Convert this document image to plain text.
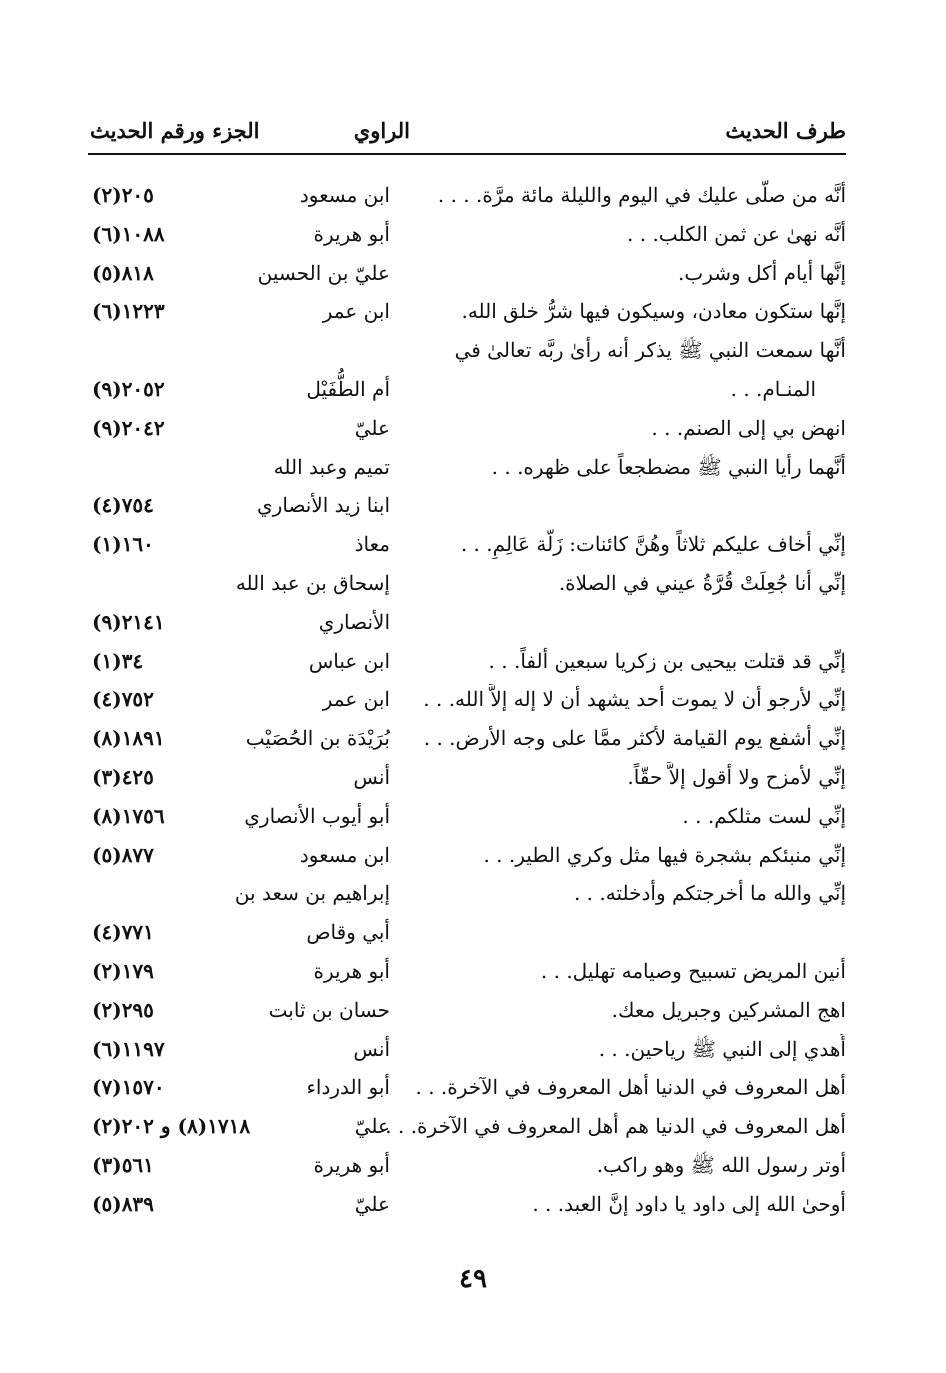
طرف الحديث
الراوي
الجزء ورقم الحديث
أنَّه من صلَّى عليك في اليوم والليلة مائة مرَّة. . . .
ابن مسعود
٢٠٥(٢)
أنَّه نهىٰ عن ثمن الكلب. . .
أبو هريرة
١٠٨٨(٦)
إنَّها أيام أكل وشرب.
عليّ بن الحسين
٨١٨(٥)
إنَّها ستكون معادن، وسيكون فيها شرُّ خلق الله.
ابن عمر
١٢٢٣(٦)
أنَّها سمعت النبي ﷺ يذكر أنه رأىٰ ربَّه تعالىٰ في
المنـام. . .
أم الطُّفَيْل
٢٠٥٢(٩)
انهض بي إلى الصنم. . .
عليّ
٢٠٤٢(٩)
أنَّهما رأيا النبي ﷺ مضطجعاً على ظهره. . .
تميم وعبد الله
ابنا زيد الأنصاري
٧٥٤(٤)
إنِّي أخاف عليكم ثلاثاً وهُنَّ كائنات: زَلَّة عَالِمٍ. . .
معاذ
١٦٠(١)
إنِّي أنا جُعِلَتْ قُرَّةُ عيني في الصلاة.
إسحاق بن عبد الله
الأنصاري
٢١٤١(٩)
إنِّي قد قتلت بيحيى بن زكريا سبعين ألفاً. . .
ابن عباس
٣٤(١)
إنِّي لأرجو أن لا يموت أحد يشهد أن لا إله إلاَّ الله. . .
ابن عمر
٧٥٢(٤)
إنِّي أشفع يوم القيامة لأكثر ممَّا على وجه الأرض. . .
بُرَيْدَة بن الحُصَيْب
١٨٩١(٨)
إنِّي لأمزح ولا أقول إلاَّ حقّاً.
أنس
٤٢٥(٣)
إنِّي لست مثلكم. . .
أبو أيوب الأنصاري
١٧٥٦(٨)
إنِّي منبئكم بشجرة فيها مثل وكري الطير. . .
ابن مسعود
٨٧٧(٥)
إنِّي والله ما أخرجتكم وأدخلته. . .
إبراهيم بن سعد بن
أبي وقاص
٧٧١(٤)
أنين المريض تسبيح وصيامه تهليل. . .
أبو هريرة
١٧٩(٢)
اهج المشركين وجبريل معك.
حسان بن ثابت
٢٩٥(٢)
أُهدي إلى النبي ﷺ رياحين. . .
أنس
١١٩٧(٦)
أهل المعروف في الدنيا أهل المعروف في الآخرة. . .
أبو الدرداء
١٥٧٠(٧)
أهل المعروف في الدنيا هم أهل المعروف في الآخرة. . .
عليّ
١٧١٨(٨) و ٢٠٢(٢)
أوتر رسول الله ﷺ وهو راكب.
أبو هريرة
٥٦١(٣)
أوحىٰ الله إلى داود يا داود إنَّ العبد. . .
عليّ
٨٣٩(٥)
٤٩
